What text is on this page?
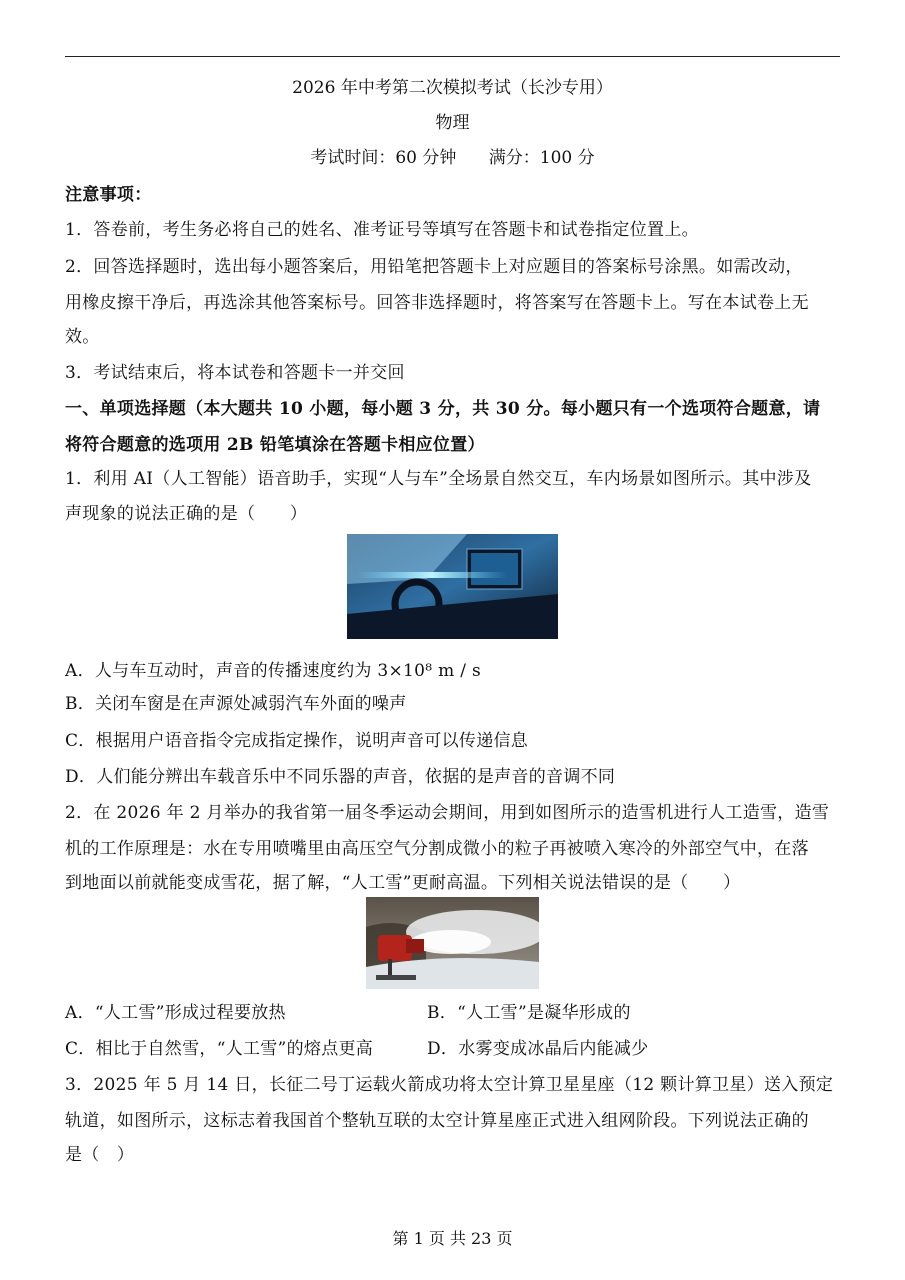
2026 年中考第二次模拟考试（长沙专用）
物理
考试时间：60 分钟      满分：100 分
注意事项：
1．答卷前，考生务必将自己的姓名、准考证号等填写在答题卡和试卷指定位置上。
2．回答选择题时，选出每小题答案后，用铅笔把答题卡上对应题目的答案标号涂黑。如需改动，
用橡皮擦干净后，再选涂其他答案标号。回答非选择题时，将答案写在答题卡上。写在本试卷上无
效。
3．考试结束后，将本试卷和答题卡一并交回
一、单项选择题（本大题共 10 小题，每小题 3 分，共 30 分。每小题只有一个选项符合题意，请
将符合题意的选项用 2B 铅笔填涂在答题卡相应位置）
1．利用 AI（人工智能）语音助手，实现“人与车”全场景自然交互，车内场景如图所示。其中涉及
声现象的说法正确的是（　　）
A．人与车互动时，声音的传播速度约为 3×10⁸ m / s
B．关闭车窗是在声源处减弱汽车外面的噪声
C．根据用户语音指令完成指定操作，说明声音可以传递信息
D．人们能分辨出车载音乐中不同乐器的声音，依据的是声音的音调不同
2．在 2026 年 2 月举办的我省第一届冬季运动会期间，用到如图所示的造雪机进行人工造雪，造雪
机的工作原理是：水在专用喷嘴里由高压空气分割成微小的粒子再被喷入寒冷的外部空气中，在落
到地面以前就能变成雪花，据了解，“人工雪”更耐高温。下列相关说法错误的是（　　）
A．“人工雪”形成过程要放热	B．“人工雪”是凝华形成的
C．相比于自然雪，“人工雪”的熔点更高	D．水雾变成冰晶后内能减少
3．2025 年 5 月 14 日，长征二号丁运载火箭成功将太空计算卫星星座（12 颗计算卫星）送入预定
轨道，如图所示，这标志着我国首个整轨互联的太空计算星座正式进入组网阶段。下列说法正确的
是（　）
第 1 页 共 23 页
